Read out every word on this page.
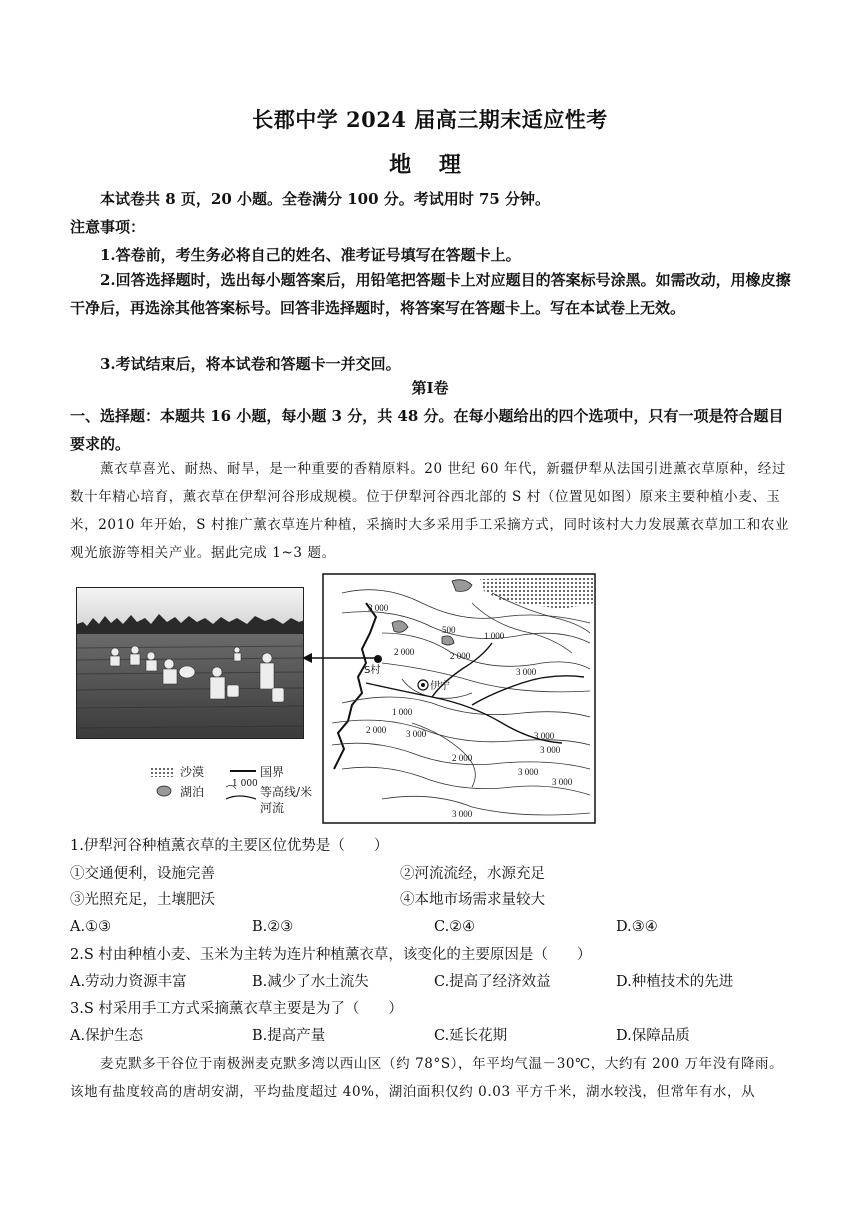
长郡中学 2024 届高三期末适应性考
地 理
本试卷共 8 页，20 小题。全卷满分 100 分。考试用时 75 分钟。
注意事项：
1.答卷前，考生务必将自己的姓名、准考证号填写在答题卡上。
2.回答选择题时，选出每小题答案后，用铅笔把答题卡上对应题目的答案标号涂黑。如需改动，用橡皮擦干净后，再选涂其他答案标号。回答非选择题时，将答案写在答题卡上。写在本试卷上无效。
3.考试结束后，将本试卷和答题卡一并交回。
第Ⅰ卷
一、选择题：本题共 16 小题，每小题 3 分，共 48 分。在每小题给出的四个选项中，只有一项是符合题目要求的。
薰衣草喜光、耐热、耐旱，是一种重要的香精原料。20 世纪 60 年代，新疆伊犁从法国引进薰衣草原种，经过数十年精心培育，薰衣草在伊犁河谷形成规模。位于伊犁河谷西北部的 S 村（位置见如图）原来主要种植小麦、玉米，2010 年开始，S 村推广薰衣草连片种植，采摘时大多采用手工采摘方式，同时该村大力发展薰衣草加工和农业观光旅游等相关产业。据此完成 1~3 题。
3 000
500
1 000
2 000	2 000
3 000
1 000
2 000 3 000	3 000
3 000
2 000
3 000
3 000
3 000
S村
伊宁
沙漠
湖泊
国界
1 000
等高线/米
河流
1.伊犁河谷种植薰衣草的主要区位优势是（　　）
①交通便利，设施完善	②河流流经，水源充足
③光照充足，土壤肥沃	④本地市场需求量较大
A.①③	B.②③	C.②④	D.③④
2.S 村由种植小麦、玉米为主转为连片种植薰衣草，该变化的主要原因是（　　）
A.劳动力资源丰富	B.减少了水土流失	C.提高了经济效益	D.种植技术的先进
3.S 村采用手工方式采摘薰衣草主要是为了（　　）
A.保护生态	B.提高产量	C.延长花期	D.保障品质
麦克默多干谷位于南极洲麦克默多湾以西山区（约 78°S），年平均气温－30℃，大约有 200 万年没有降雨。该地有盐度较高的唐胡安湖，平均盐度超过 40%，湖泊面积仅约 0.03 平方千米，湖水较浅，但常年有水，从
